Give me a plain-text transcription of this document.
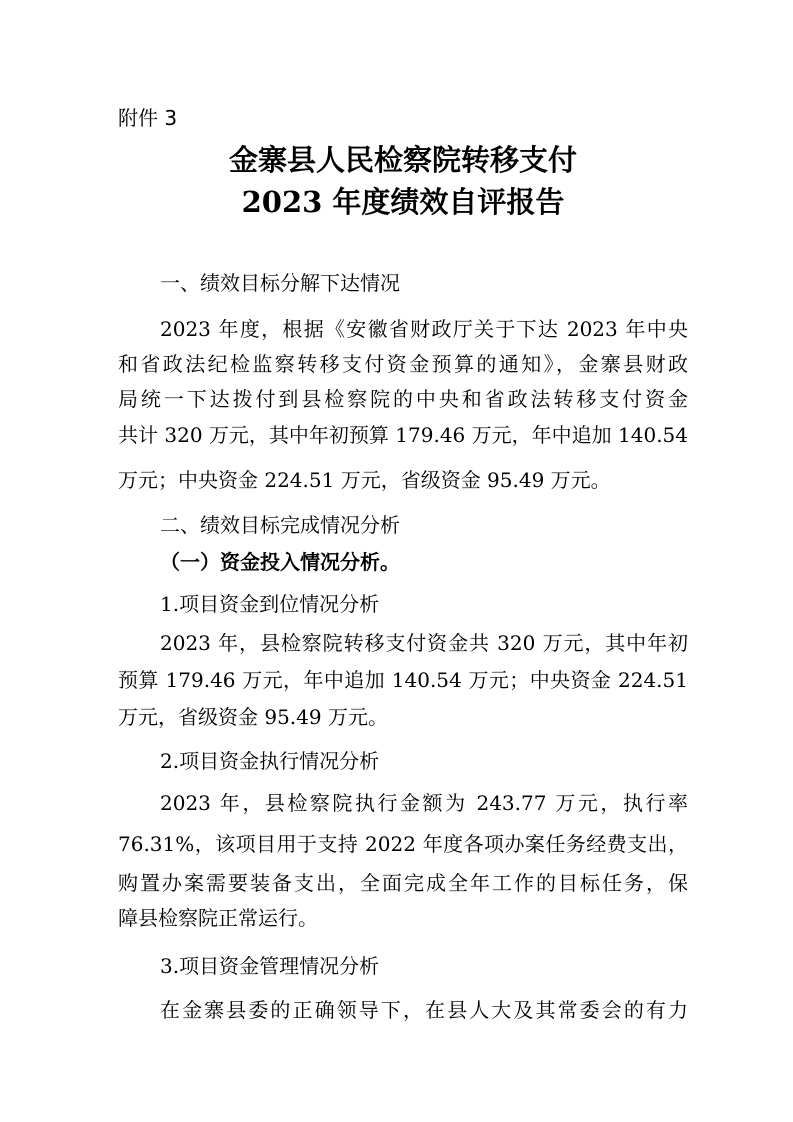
附件 3
金寨县人民检察院转移支付
2023 年度绩效自评报告
一、绩效目标分解下达情况
2023 年度，根据《安徽省财政厅关于下达 2023 年中央
和省政法纪检监察转移支付资金预算的通知》，金寨县财政
局统一下达拨付到县检察院的中央和省政法转移支付资金
共计 320 万元，其中年初预算 179.46 万元，年中追加 140.54
万元；中央资金 224.51 万元，省级资金 95.49 万元。
二、绩效目标完成情况分析
（一）资金投入情况分析。
1.项目资金到位情况分析
2023 年，县检察院转移支付资金共 320 万元，其中年初
预算 179.46 万元，年中追加 140.54 万元；中央资金 224.51
万元，省级资金 95.49 万元。
2.项目资金执行情况分析
2023 年，县检察院执行金额为 243.77 万元，执行率
76.31%，该项目用于支持 2022 年度各项办案任务经费支出，
购置办案需要装备支出，全面完成全年工作的目标任务，保
障县检察院正常运行。
3.项目资金管理情况分析
在金寨县委的正确领导下，在县人大及其常委会的有力
